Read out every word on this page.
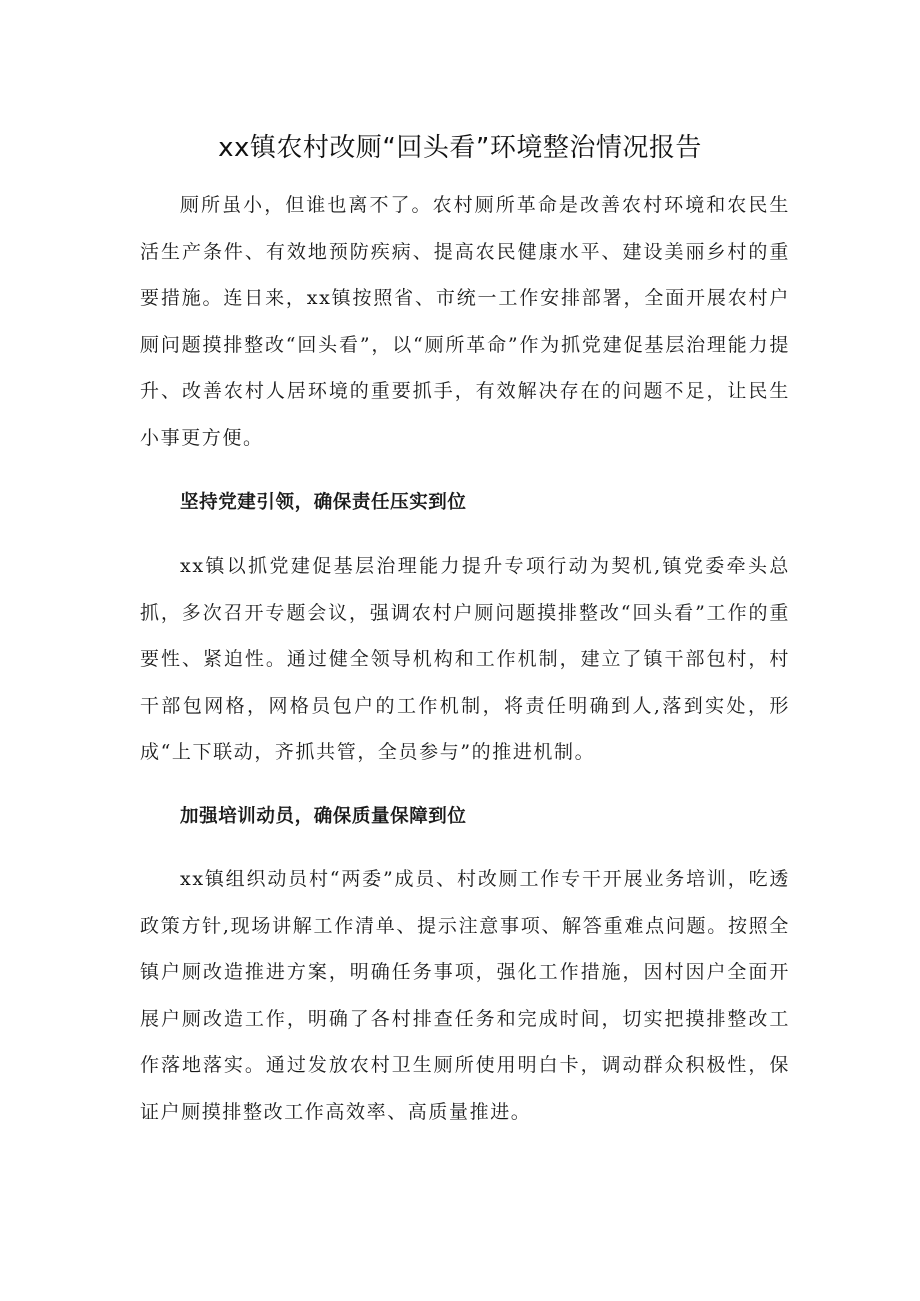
xx镇农村改厕“回头看”环境整治情况报告

厕所虽小，但谁也离不了。农村厕所革命是改善农村环境和农民生活生产条件、有效地预防疾病、提高农民健康水平、建设美丽乡村的重要措施。连日来，xx镇按照省、市统一工作安排部署，全面开展农村户厕问题摸排整改“回头看”，以“厕所革命”作为抓党建促基层治理能力提升、改善农村人居环境的重要抓手，有效解决存在的问题不足，让民生小事更方便。

坚持党建引领，确保责任压实到位

xx镇以抓党建促基层治理能力提升专项行动为契机,镇党委牵头总抓，多次召开专题会议，强调农村户厕问题摸排整改“回头看”工作的重要性、紧迫性。通过健全领导机构和工作机制，建立了镇干部包村，村干部包网格，网格员包户的工作机制，将责任明确到人,落到实处，形成“上下联动，齐抓共管，全员参与”的推进机制。

加强培训动员，确保质量保障到位

xx镇组织动员村“两委”成员、村改厕工作专干开展业务培训，吃透政策方针,现场讲解工作清单、提示注意事项、解答重难点问题。按照全镇户厕改造推进方案，明确任务事项，强化工作措施，因村因户全面开展户厕改造工作，明确了各村排查任务和完成时间，切实把摸排整改工作落地落实。通过发放农村卫生厕所使用明白卡，调动群众积极性，保证户厕摸排整改工作高效率、高质量推进。
